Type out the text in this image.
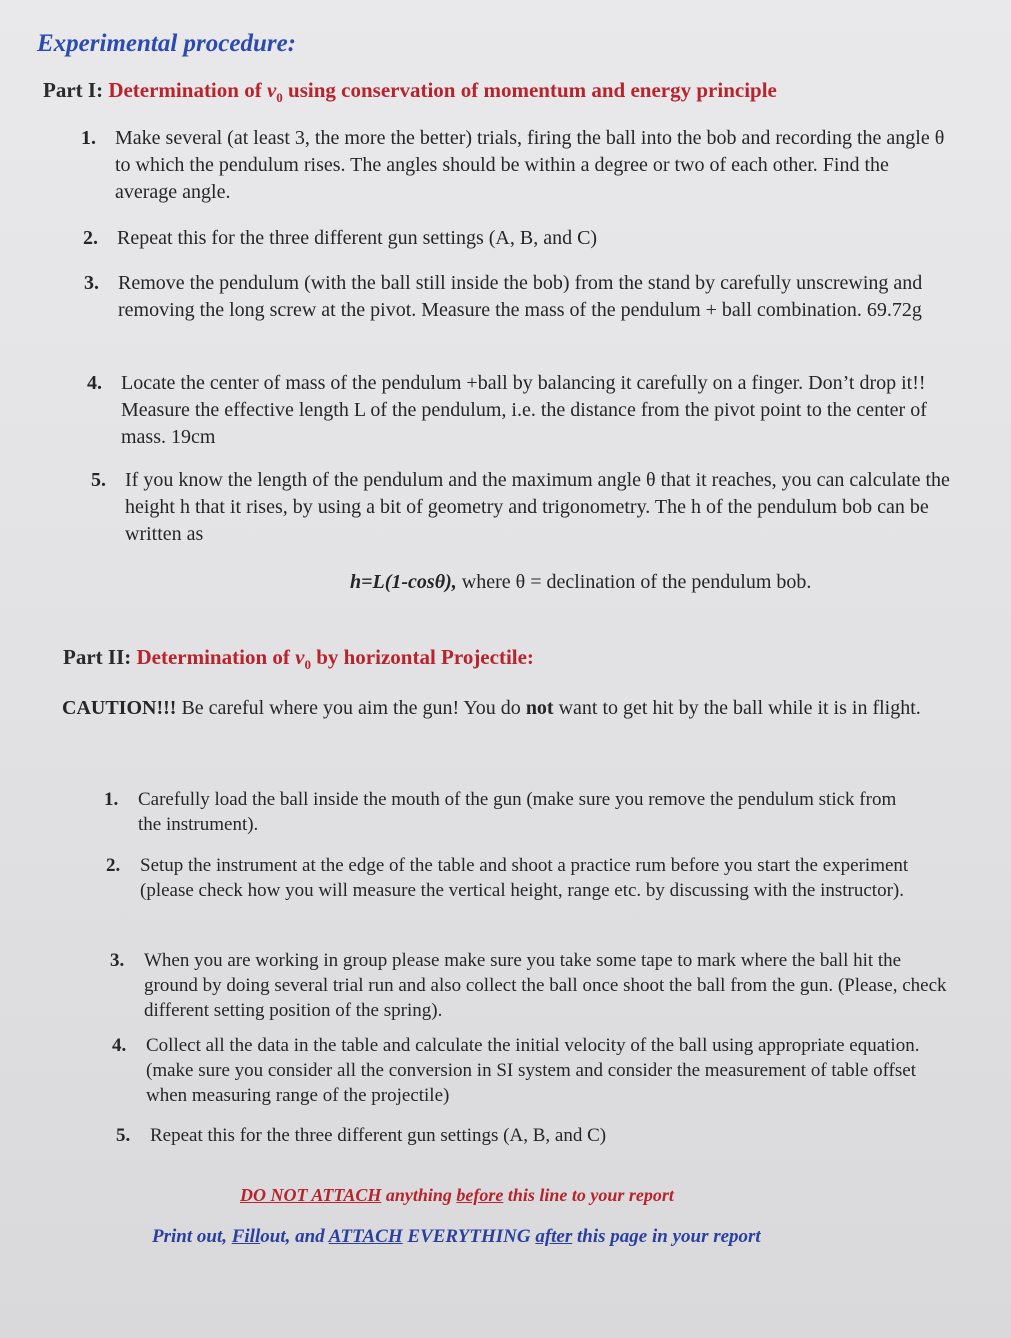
Experimental procedure:
Part I: Determination of $v_0$ using conservation of momentum and energy principle
1. Make several (at least 3, the more the better) trials, firing the ball into the bob and recording the angle θ to which the pendulum rises. The angles should be within a degree or two of each other. Find the average angle.
2. Repeat this for the three different gun settings (A, B, and C)
3. Remove the pendulum (with the ball still inside the bob) from the stand by carefully unscrewing and removing the long screw at the pivot. Measure the mass of the pendulum + ball combination. 69.72g
4. Locate the center of mass of the pendulum +ball by balancing it carefully on a finger. Don’t drop it!! Measure the effective length L of the pendulum, i.e. the distance from the pivot point to the center of mass. 19cm
5. If you know the length of the pendulum and the maximum angle θ that it reaches, you can calculate the height h that it rises, by using a bit of geometry and trigonometry. The h of the pendulum bob can be written as
h=L(1-cosθ), where θ = declination of the pendulum bob.
Part II: Determination of $v_0$ by horizontal Projectile:
CAUTION!!! Be careful where you aim the gun! You do not want to get hit by the ball while it is in flight.
1. Carefully load the ball inside the mouth of the gun (make sure you remove the pendulum stick from the instrument).
2. Setup the instrument at the edge of the table and shoot a practice rum before you start the experiment (please check how you will measure the vertical height, range etc. by discussing with the instructor).
3. When you are working in group please make sure you take some tape to mark where the ball hit the ground by doing several trial run and also collect the ball once shoot the ball from the gun. (Please, check different setting position of the spring).
4. Collect all the data in the table and calculate the initial velocity of the ball using appropriate equation. (make sure you consider all the conversion in SI system and consider the measurement of table offset when measuring range of the projectile)
5. Repeat this for the three different gun settings (A, B, and C)
DO NOT ATTACH anything before this line to your report
Print out, Fillout, and ATTACH EVERYTHING after this page in your report
